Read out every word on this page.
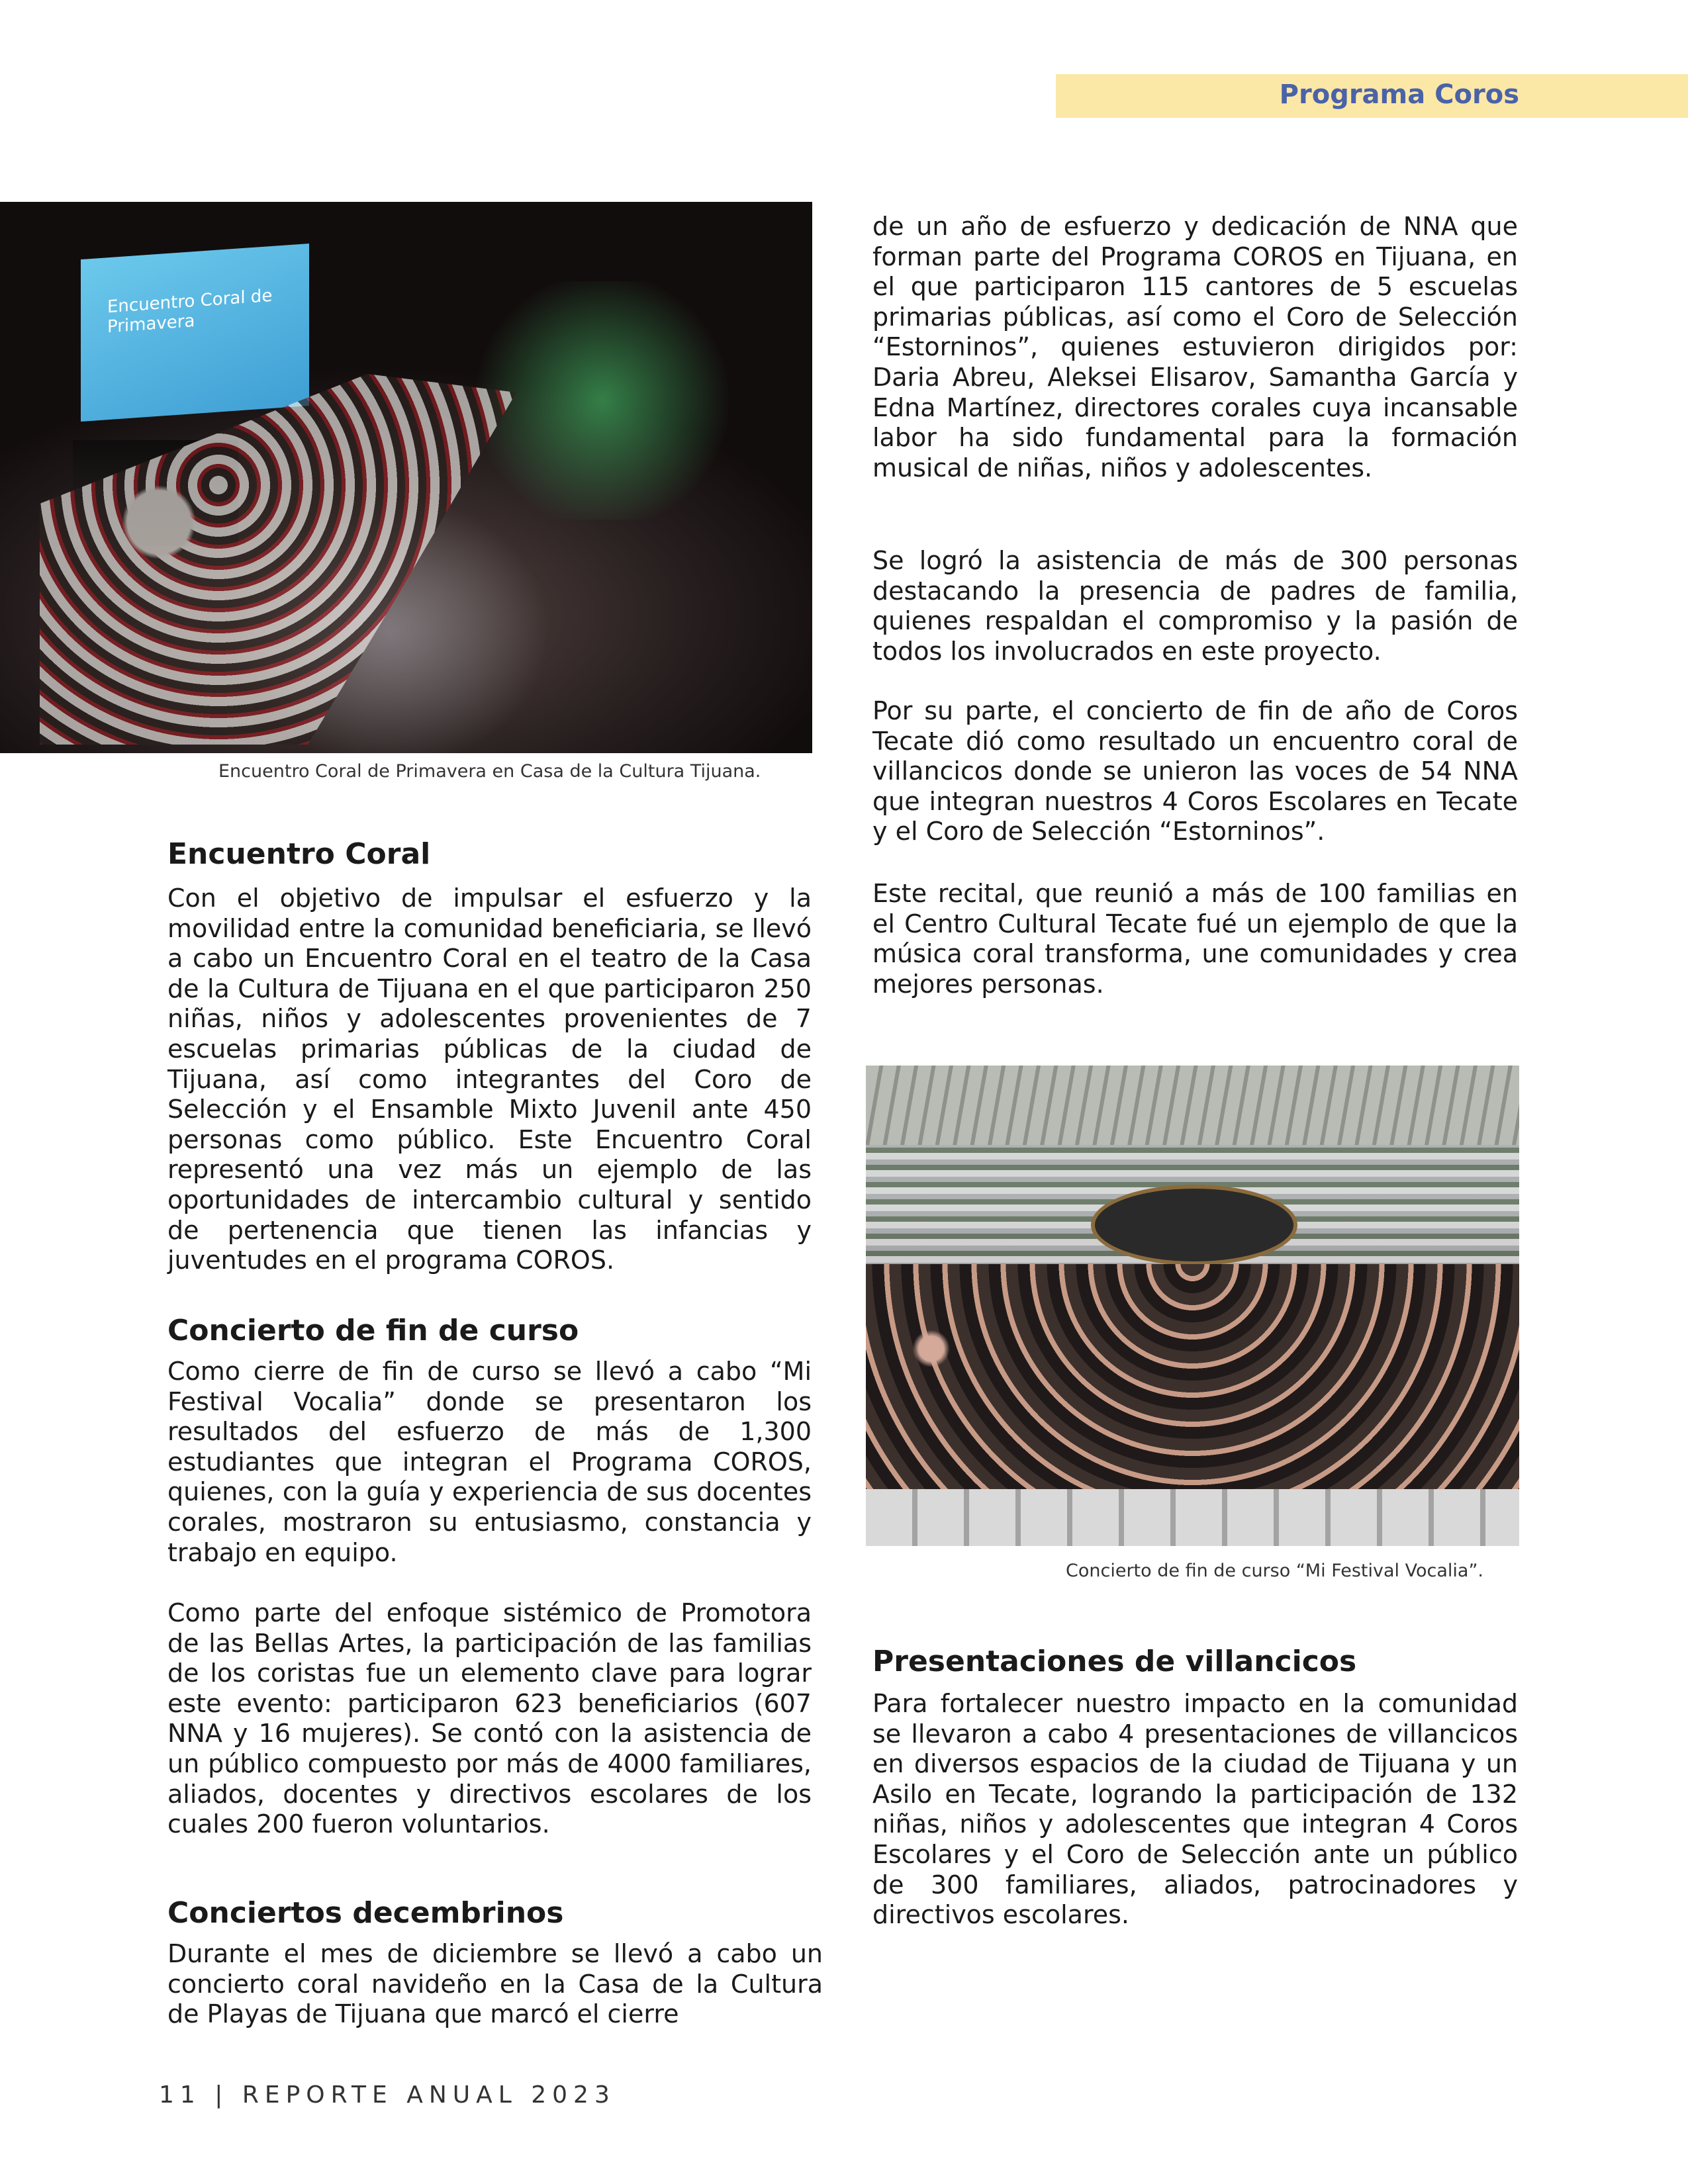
Programa Coros
Encuentro Coral de Primavera
Encuentro Coral de Primavera en Casa de la Cultura Tijuana.
Encuentro Coral

Con el objetivo de impulsar el esfuerzo y la movilidad entre la comunidad beneficiaria, se llevó a cabo un Encuentro Coral en el teatro de la Casa de la Cultura de Tijuana en el que participaron 250 niñas, niños y adolescentes provenientes de 7 escuelas primarias públicas de la ciudad de Tijuana, así como integrantes del Coro de Selección y el Ensamble Mixto Juvenil ante 450 personas como público. Este Encuentro Coral representó una vez más un ejemplo de las oportunidades de intercambio cultural y sentido de pertenencia que tienen las infancias y juventudes en el programa COROS.

Concierto de fin de curso

Como cierre de fin de curso se llevó a cabo “Mi Festival Vocalia” donde se presentaron los resultados del esfuerzo de más de 1,300 estudiantes que integran el Programa COROS, quienes, con la guía y experiencia de sus docentes corales, mostraron su entusiasmo, constancia y trabajo en equipo.

Como parte del enfoque sistémico de Promotora de las Bellas Artes, la participación de las familias de los coristas fue un elemento clave para lograr este evento: participaron 623 beneficiarios (607 NNA y 16 mujeres). Se contó con la asistencia de un público compuesto por más de 4000 familiares, aliados, docentes y directivos escolares de los cuales 200 fueron voluntarios.

Conciertos decembrinos

Durante el mes de diciembre se llevó a cabo un concierto coral navideño en la Casa de la Cultura de Playas de Tijuana que marcó el cierre

de un año de esfuerzo y dedicación de NNA que forman parte del Programa COROS en Tijuana, en el que participaron 115 cantores de 5 escuelas primarias públicas, así como el Coro de Selección “Estorninos”, quienes estuvieron dirigidos por: Daria Abreu, Aleksei Elisarov, Samantha García y Edna Martínez, directores corales cuya incansable labor ha sido fundamental para la formación musical de niñas, niños y adolescentes.

Se logró la asistencia de más de 300 personas destacando la presencia de padres de familia, quienes respaldan el compromiso y la pasión de todos los involucrados en este proyecto.

Por su parte, el concierto de fin de año de Coros Tecate dió como resultado un encuentro coral de villancicos donde se unieron las voces de 54 NNA que integran nuestros 4 Coros Escolares en Tecate y el Coro de Selección “Estorninos”.

Este recital, que reunió a más de 100 familias en el Centro Cultural Tecate fué un ejemplo de que la música coral transforma, une comunidades y crea mejores personas.

Concierto de fin de curso “Mi Festival Vocalia”.
Presentaciones de villancicos

Para fortalecer nuestro impacto en la comunidad se llevaron a cabo 4 presentaciones de villancicos en diversos espacios de la ciudad de Tijuana y un Asilo en Tecate, logrando la participación de 132 niñas, niños y adolescentes que integran 4 Coros Escolares y el Coro de Selección ante un público de 300 familiares, aliados, patrocinadores y directivos escolares.

11 | REPORTE ANUAL 2023
